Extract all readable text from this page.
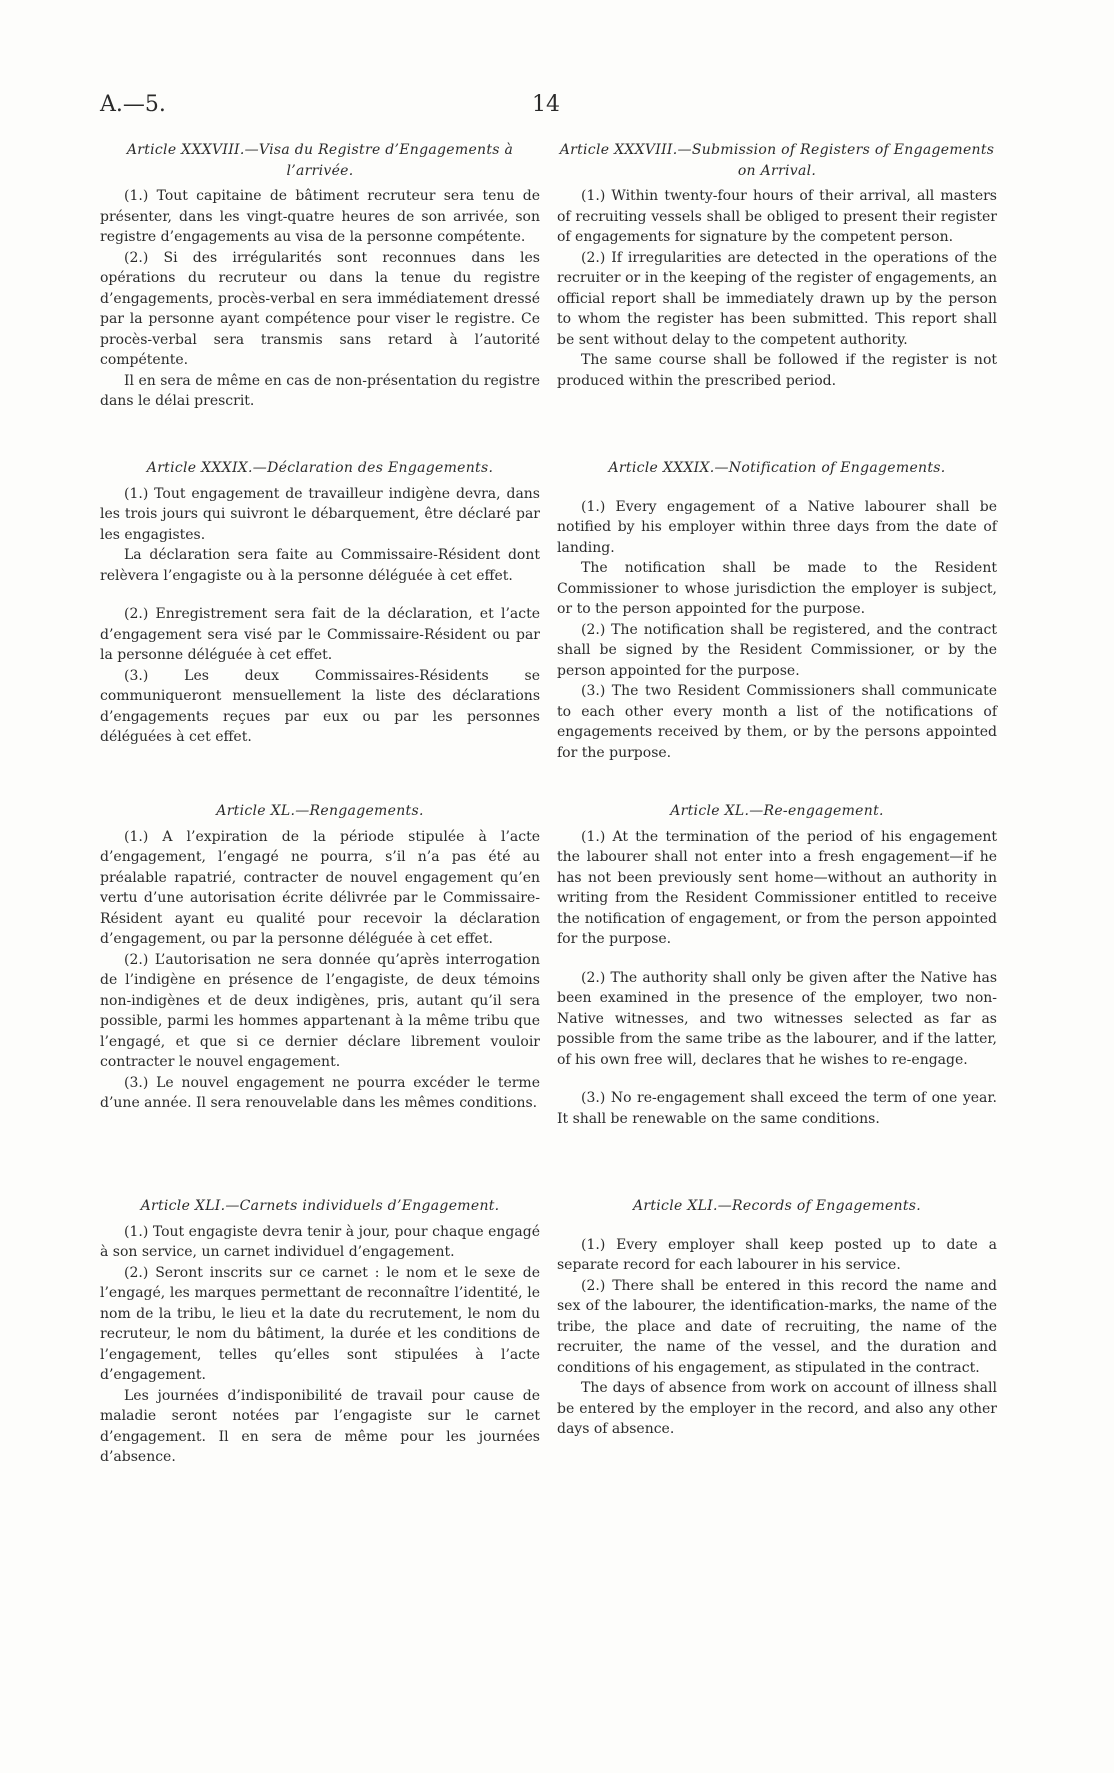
A.—5.	14
Article XXXVIII.—Visa du Registre d’Engagements à l’arrivée.

(1.) Tout capitaine de bâtiment recruteur sera tenu de présenter, dans les vingt-quatre heures de son arrivée, son registre d’engagements au visa de la personne compétente.

(2.) Si des irrégularités sont reconnues dans les opérations du recruteur ou dans la tenue du registre d’engagements, procès-verbal en sera immédiatement dressé par la personne ayant compétence pour viser le registre. Ce procès-verbal sera transmis sans retard à l’autorité compétente.

Il en sera de même en cas de non-présentation du registre dans le délai prescrit.

Article XXXIX.—Déclaration des Engagements.

(1.) Tout engagement de travailleur indigène devra, dans les trois jours qui suivront le débarquement, être déclaré par les engagistes.

La déclaration sera faite au Commissaire-Résident dont relèvera l’engagiste ou à la personne déléguée à cet effet.

(2.) Enregistrement sera fait de la déclaration, et l’acte d’engagement sera visé par le Commissaire-Résident ou par la personne déléguée à cet effet.

(3.) Les deux Commissaires-Résidents se communiqueront mensuellement la liste des déclarations d’engagements reçues par eux ou par les personnes déléguées à cet effet.

Article XL.—Rengagements.

(1.) A l’expiration de la période stipulée à l’acte d’engagement, l’engagé ne pourra, s’il n’a pas été au préalable rapatrié, contracter de nouvel engagement qu’en vertu d’une autorisation écrite délivrée par le Commissaire-Résident ayant eu qualité pour recevoir la déclaration d’engagement, ou par la personne déléguée à cet effet.

(2.) L’autorisation ne sera donnée qu’après interrogation de l’indigène en présence de l’engagiste, de deux témoins non-indigènes et de deux indigènes, pris, autant qu’il sera possible, parmi les hommes appartenant à la même tribu que l’engagé, et que si ce dernier déclare librement vouloir contracter le nouvel engagement.

(3.) Le nouvel engagement ne pourra excéder le terme d’une année. Il sera renouvelable dans les mêmes conditions.

Article XLI.—Carnets individuels d’Engagement.

(1.) Tout engagiste devra tenir à jour, pour chaque engagé à son service, un carnet individuel d’engagement.

(2.) Seront inscrits sur ce carnet : le nom et le sexe de l’engagé, les marques permettant de reconnaître l’identité, le nom de la tribu, le lieu et la date du recrutement, le nom du recruteur, le nom du bâtiment, la durée et les conditions de l’engagement, telles qu’elles sont stipulées à l’acte d’engagement.

Les journées d’indisponibilité de travail pour cause de maladie seront notées par l’engagiste sur le carnet d’engagement. Il en sera de même pour les journées d’absence.

Article XXXVIII.—Submission of Registers of Engagements on Arrival.

(1.) Within twenty-four hours of their arrival, all masters of recruiting vessels shall be obliged to present their register of engagements for signature by the competent person.

(2.) If irregularities are detected in the operations of the recruiter or in the keeping of the register of engagements, an official report shall be immediately drawn up by the person to whom the register has been submitted. This report shall be sent without delay to the competent authority.

The same course shall be followed if the register is not produced within the prescribed period.

Article XXXIX.—Notification of Engagements.

(1.) Every engagement of a Native labourer shall be notified by his employer within three days from the date of landing.

The notification shall be made to the Resident Commissioner to whose jurisdiction the employer is subject, or to the person appointed for the purpose.

(2.) The notification shall be registered, and the contract shall be signed by the Resident Commissioner, or by the person appointed for the purpose.

(3.) The two Resident Commissioners shall communicate to each other every month a list of the notifications of engagements received by them, or by the persons appointed for the purpose.

Article XL.—Re-engagement.

(1.) At the termination of the period of his engagement the labourer shall not enter into a fresh engagement—if he has not been previously sent home—without an authority in writing from the Resident Commissioner entitled to receive the notification of engagement, or from the person appointed for the purpose.

(2.) The authority shall only be given after the Native has been examined in the presence of the employer, two non-Native witnesses, and two witnesses selected as far as possible from the same tribe as the labourer, and if the latter, of his own free will, declares that he wishes to re-engage.

(3.) No re-engagement shall exceed the term of one year. It shall be renewable on the same conditions.

Article XLI.—Records of Engagements.

(1.) Every employer shall keep posted up to date a separate record for each labourer in his service.

(2.) There shall be entered in this record the name and sex of the labourer, the identification-marks, the name of the tribe, the place and date of recruiting, the name of the recruiter, the name of the vessel, and the duration and conditions of his engagement, as stipulated in the contract.

The days of absence from work on account of illness shall be entered by the employer in the record, and also any other days of absence.
